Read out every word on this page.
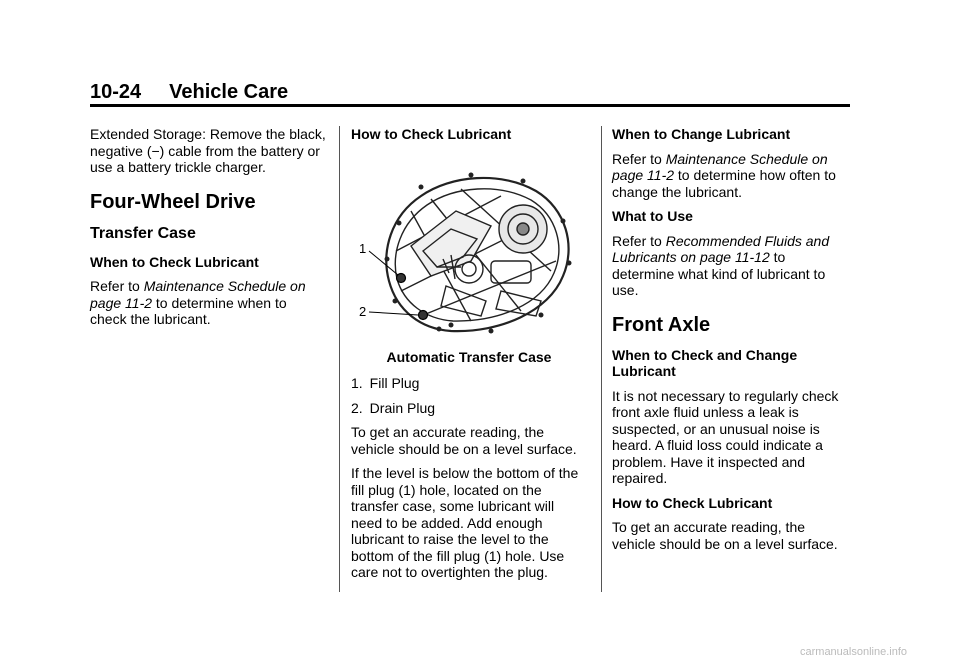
10-24 Vehicle Care

Extended Storage: Remove the black, negative (−) cable from the battery or use a battery trickle charger.

Four-Wheel Drive
Transfer Case

When to Check Lubricant

Refer to Maintenance Schedule on page 11-2 to determine when to check the lubricant.

How to Check Lubricant

1
2

Automatic Transfer Case

1. Fill Plug

2. Drain Plug

To get an accurate reading, the vehicle should be on a level surface.

If the level is below the bottom of the fill plug (1) hole, located on the transfer case, some lubricant will need to be added. Add enough lubricant to raise the level to the bottom of the fill plug (1) hole. Use care not to overtighten the plug.

When to Change Lubricant

Refer to Maintenance Schedule on page 11-2 to determine how often to change the lubricant.

What to Use

Refer to Recommended Fluids and Lubricants on page 11-12 to determine what kind of lubricant to use.

Front Axle

When to Check and Change Lubricant

It is not necessary to regularly check front axle fluid unless a leak is suspected, or an unusual noise is heard. A fluid loss could indicate a problem. Have it inspected and repaired.

How to Check Lubricant

To get an accurate reading, the vehicle should be on a level surface.

carmanualsonline.info
